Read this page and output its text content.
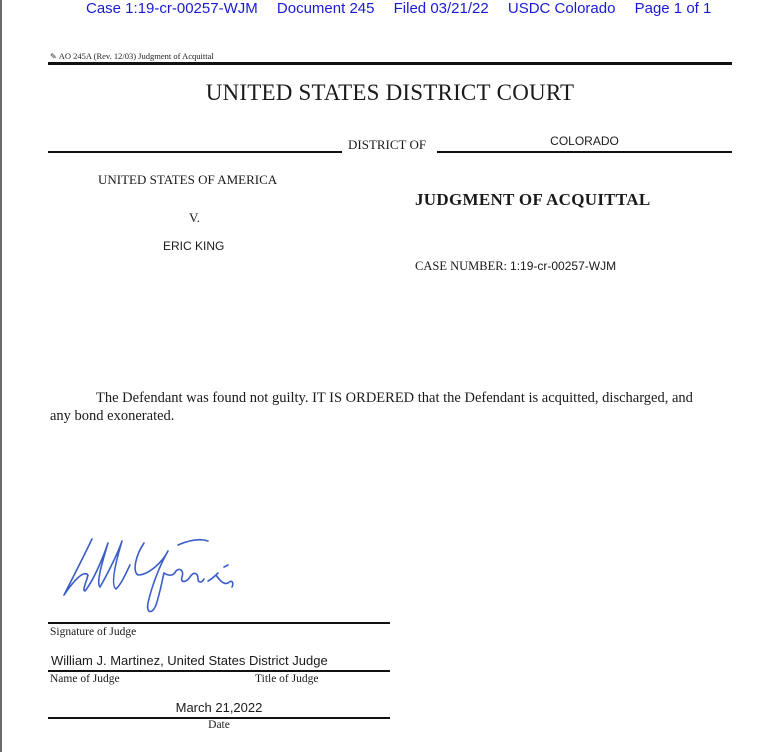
Case 1:19-cr-00257-WJM Document 245 Filed 03/21/22 USDC Colorado Page 1 of 1
✎ AO 245A (Rev. 12/03) Judgment of Acquittal
UNITED STATES DISTRICT COURT
DISTRICT OF	COLORADO
UNITED STATES OF AMERICA
V.
ERIC KING
JUDGMENT OF ACQUITTAL
CASE NUMBER: 1:19-cr-00257-WJM
The Defendant was found not guilty. IT IS ORDERED that the Defendant is acquitted, discharged, and any bond exonerated.
Signature of Judge
William J. Martinez, United States District Judge
Name of Judge	Title of Judge
March 21,2022
Date
